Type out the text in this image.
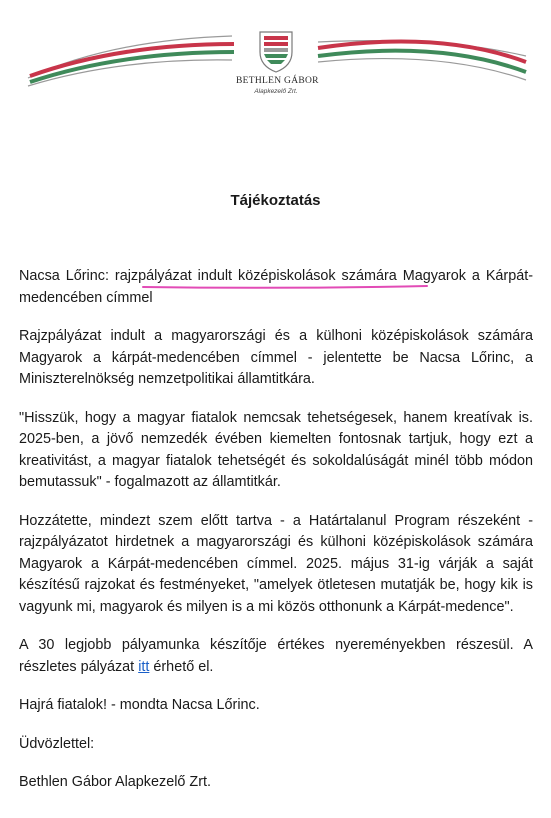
BETHLEN GÁBOR
Alapkezelő Zrt.
Tájékoztatás

Nacsa Lőrinc: rajzpályázat indult középiskolások számára Magyarok a Kárpát-medencében címmel

Rajzpályázat indult a magyarországi és a külhoni középiskolások számára Magyarok a kárpát-medencében címmel - jelentette be Nacsa Lőrinc, a Miniszterelnökség nemzetpolitikai államtitkára.

"Hisszük, hogy a magyar fiatalok nemcsak tehetségesek, hanem kreatívak is. 2025-ben, a jövő nemzedék évében kiemelten fontosnak tartjuk, hogy ezt a kreativitást, a magyar fiatalok tehetségét és sokoldalúságát minél több módon bemutassuk" - fogalmazott az államtitkár.

Hozzátette, mindezt szem előtt tartva - a Határtalanul Program részeként - rajzpályázatot hirdetnek a magyarországi és külhoni középiskolások számára Magyarok a Kárpát-medencében címmel. 2025. május 31-ig várják a saját készítésű rajzokat és festményeket, "amelyek ötletesen mutatják be, hogy kik is vagyunk mi, magyarok és milyen is a mi közös otthonunk a Kárpát-medence".

A 30 legjobb pályamunka készítője értékes nyereményekben részesül. A részletes pályázat itt érhető el.

Hajrá fiatalok! - mondta Nacsa Lőrinc.

Üdvözlettel:

Bethlen Gábor Alapkezelő Zrt.
